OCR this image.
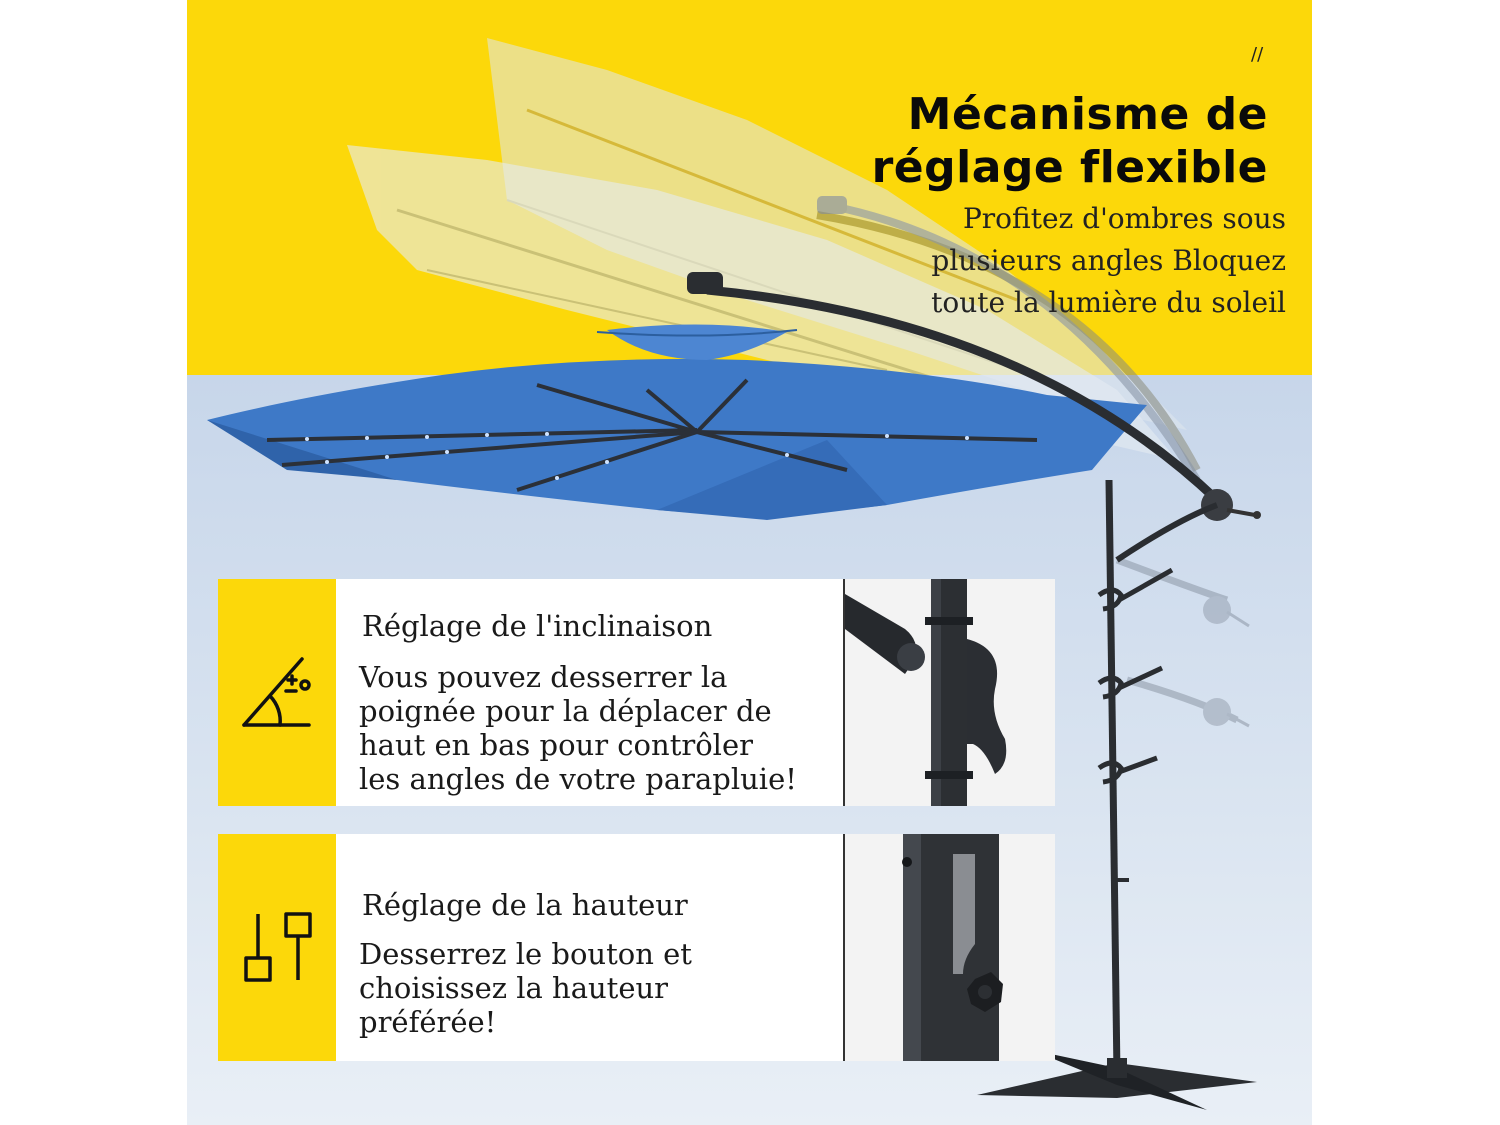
//
Mécanisme de
réglage flexible
Profitez d'ombres sous
plusieurs angles Bloquez
toute la lumière du soleil
Réglage de l'inclinaison
Vous pouvez desserrer la
poignée pour la déplacer de
haut en bas pour contrôler
les angles de votre parapluie!
Réglage de la hauteur
Desserrez le bouton et
choisissez la hauteur préférée!
